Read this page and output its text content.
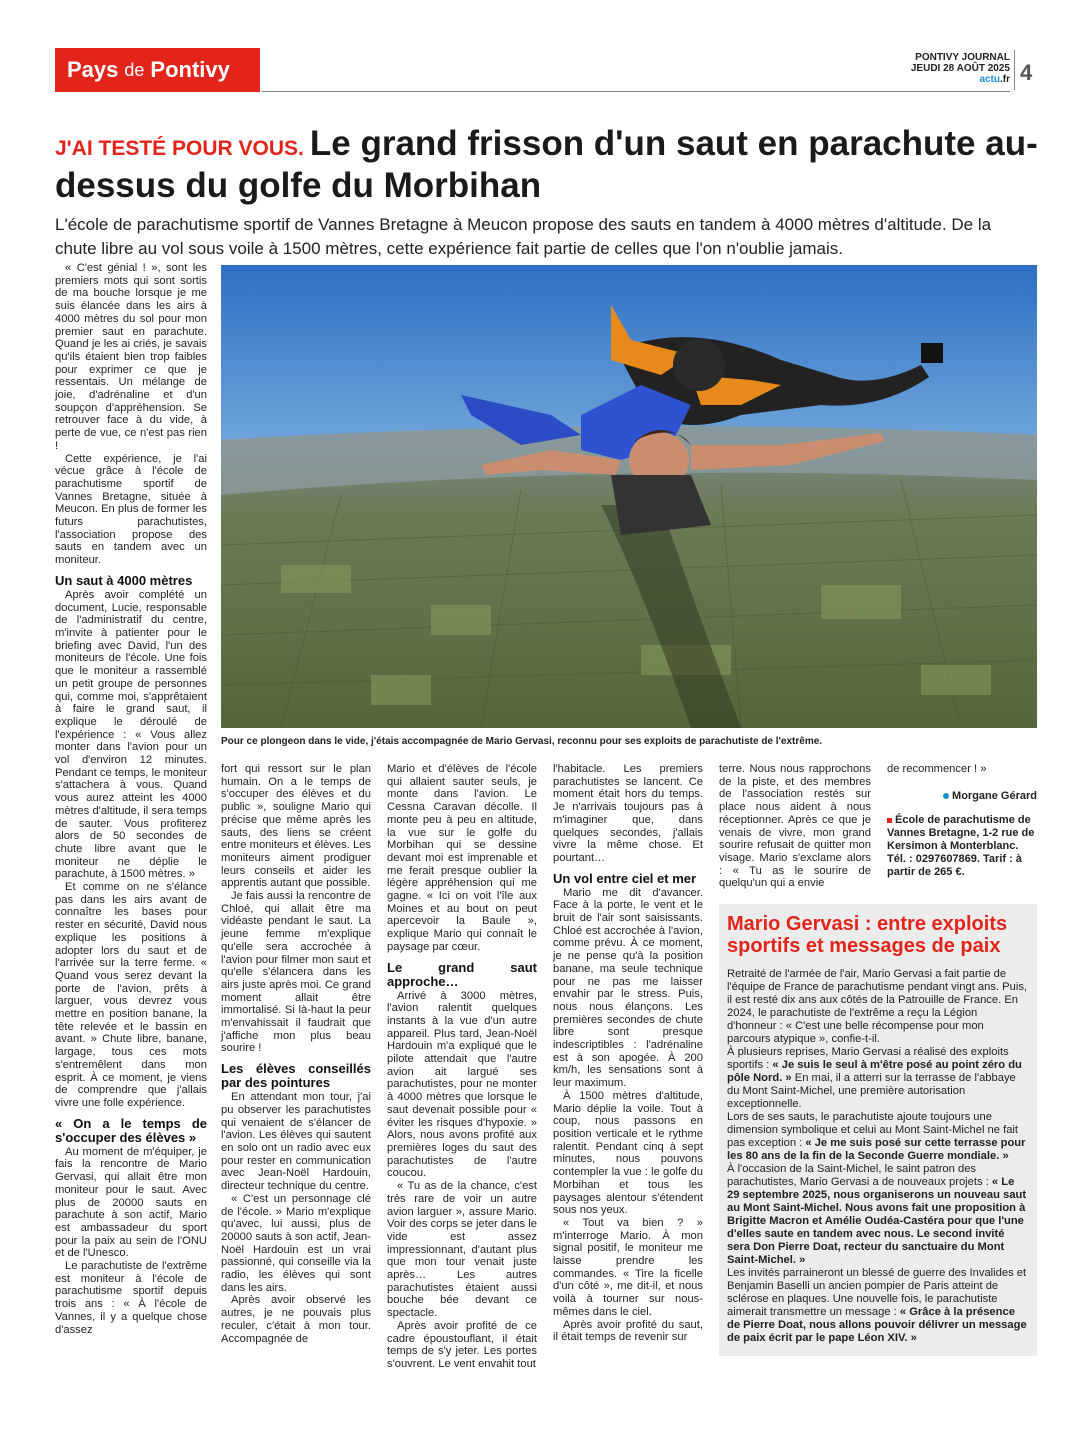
Pays de Pontivy	PONTIVY JOURNAL
JEUDI 28 AOÛT 2025
actu.fr 4
J'AI TESTÉ POUR VOUS. Le grand frisson d'un saut en parachute au-dessus du golfe du Morbihan
L'école de parachutisme sportif de Vannes Bretagne à Meucon propose des sauts en tandem à 4000 mètres d'altitude. De la chute libre au vol sous voile à 1500 mètres, cette expérience fait partie de celles que l'on n'oublie jamais.
Pour ce plongeon dans le vide, j'étais accompagnée de Mario Gervasi, reconnu pour ses exploits de parachutiste de l'extrême.

« C'est génial ! », sont les premiers mots qui sont sortis de ma bouche lorsque je me suis élancée dans les airs à 4000 mètres du sol pour mon premier saut en parachute. Quand je les ai criés, je savais qu'ils étaient bien trop faibles pour exprimer ce que je ressentais. Un mélange de joie, d'adrénaline et d'un soupçon d'appréhension. Se retrouver face à du vide, à perte de vue, ce n'est pas rien !

Cette expérience, je l'ai vécue grâce à l'école de parachutisme sportif de Vannes Bretagne, située à Meucon. En plus de former les futurs parachutistes, l'association propose des sauts en tandem avec un moniteur.

Un saut à 4000 mètres

Après avoir complété un document, Lucie, responsable de l'administratif du centre, m'invite à patienter pour le briefing avec David, l'un des moniteurs de l'école. Une fois que le moniteur a rassemblé un petit groupe de personnes qui, comme moi, s'apprêtaient à faire le grand saut, il explique le déroulé de l'expérience : « Vous allez monter dans l'avion pour un vol d'environ 12 minutes. Pendant ce temps, le moniteur s'attachera à vous. Quand vous aurez atteint les 4000 mètres d'altitude, il sera temps de sauter. Vous profiterez alors de 50 secondes de chute libre avant que le moniteur ne déplie le parachute, à 1500 mètres. »

Et comme on ne s'élance pas dans les airs avant de connaître les bases pour rester en sécurité, David nous explique les positions à adopter lors du saut et de l'arrivée sur la terre ferme. « Quand vous serez devant la porte de l'avion, prêts à larguer, vous devrez vous mettre en position banane, la tête relevée et le bassin en avant. » Chute libre, banane, largage, tous ces mots s'entremêlent dans mon esprit. À ce moment, je viens de comprendre que j'allais vivre une folle expérience.

« On a le temps de s'occuper des élèves »

Au moment de m'équiper, je fais la rencontre de Mario Gervasi, qui allait être mon moniteur pour le saut. Avec plus de 20000 sauts en parachute à son actif, Mario est ambassadeur du sport pour la paix au sein de l'ONU et de l'Unesco.

Le parachutiste de l'extrême est moniteur à l'école de parachutisme sportif depuis trois ans : « À l'école de Vannes, il y a quelque chose d'assez

fort qui ressort sur le plan humain. On a le temps de s'occuper des élèves et du public », souligne Mario qui précise que même après les sauts, des liens se créent entre moniteurs et élèves. Les moniteurs aiment prodiguer leurs conseils et aider les apprentis autant que possible.

Je fais aussi la rencontre de Chloé, qui allait être ma vidéaste pendant le saut. La jeune femme m'explique qu'elle sera accrochée à l'avion pour filmer mon saut et qu'elle s'élancera dans les airs juste après moi. Ce grand moment allait être immortalisé. Si là-haut la peur m'envahissait il faudrait que j'affiche mon plus beau sourire !

Les élèves conseillés par des pointures

En attendant mon tour, j'ai pu observer les parachutistes qui venaient de s'élancer de l'avion. Les élèves qui sautent en solo ont un radio avec eux pour rester en communication avec Jean-Noël Hardouin, directeur technique du centre.

« C'est un personnage clé de l'école. » Mario m'explique qu'avec, lui aussi, plus de 20000 sauts à son actif, Jean-Noël Hardouin est un vrai passionné, qui conseille via la radio, les élèves qui sont dans les airs.

Après avoir observé les autres, je ne pouvais plus reculer, c'était à mon tour. Accompagnée de

Mario et d'élèves de l'école qui allaient sauter seuls, je monte dans l'avion. Le Cessna Caravan décolle. Il monte peu à peu en altitude, la vue sur le golfe du Morbihan qui se dessine devant moi est imprenable et me ferait presque oublier la légère appréhension qui me gagne. « Ici on voit l'île aux Moines et au bout on peut apercevoir la Baule », explique Mario qui connaît le paysage par cœur.

Le grand saut approche…

Arrivé à 3000 mètres, l'avion ralentit quelques instants à la vue d'un autre appareil. Plus tard, Jean-Noël Hardouin m'a expliqué que le pilote attendait que l'autre avion ait largué ses parachutistes, pour ne monter à 4000 mètres que lorsque le saut devenait possible pour « éviter les risques d'hypoxie. » Alors, nous avons profité aux premières loges du saut des parachutistes de l'autre coucou.

« Tu as de la chance, c'est très rare de voir un autre avion larguer », assure Mario. Voir des corps se jeter dans le vide est assez impressionnant, d'autant plus que mon tour venait juste après… Les autres parachutistes étaient aussi bouche bée devant ce spectacle.

Après avoir profité de ce cadre époustouflant, il était temps de s'y jeter. Les portes s'ouvrent. Le vent envahit tout

l'habitacle. Les premiers parachutistes se lancent. Ce moment était hors du temps. Je n'arrivais toujours pas à m'imaginer que, dans quelques secondes, j'allais vivre la même chose. Et pourtant…

Un vol entre ciel et mer

Mario me dit d'avancer. Face à la porte, le vent et le bruit de l'air sont saisissants. Chloé est accrochée à l'avion, comme prévu. À ce moment, je ne pense qu'à la position banane, ma seule technique pour ne pas me laisser envahir par le stress. Puis, nous nous élançons. Les premières secondes de chute libre sont presque indescriptibles : l'adrénaline est à son apogée. À 200 km/h, les sensations sont à leur maximum.

À 1500 mètres d'altitude, Mario déplie la voile. Tout à coup, nous passons en position verticale et le rythme ralentit. Pendant cinq à sept minutes, nous pouvons contempler la vue : le golfe du Morbihan et tous les paysages alentour s'étendent sous nos yeux.

« Tout va bien ? » m'interroge Mario. À mon signal positif, le moniteur me laisse prendre les commandes. « Tire la ficelle d'un côté », me dit-il, et nous voilà à tourner sur nous-mêmes dans le ciel.

Après avoir profité du saut, il était temps de revenir sur

terre. Nous nous rapprochons de la piste, et des membres de l'association restés sur place nous aident à nous réceptionner. Après ce que je venais de vivre, mon grand sourire refusait de quitter mon visage. Mario s'exclame alors : « Tu as le sourire de quelqu'un qui a envie

de recommencer ! »

Morgane Gérard

École de parachutisme de Vannes Bretagne, 1-2 rue de Kersimon à Monterblanc. Tél. : 0297607869. Tarif : à partir de 265 €.

Mario Gervasi : entre exploits sportifs et messages de paix

Retraité de l'armée de l'air, Mario Gervasi a fait partie de l'équipe de France de parachutisme pendant vingt ans. Puis, il est resté dix ans aux côtés de la Patrouille de France. En 2024, le parachutiste de l'extrême a reçu la Légion d'honneur : « C'est une belle récompense pour mon parcours atypique », confie-t-il.

À plusieurs reprises, Mario Gervasi a réalisé des exploits sportifs : « Je suis le seul à m'être posé au point zéro du pôle Nord. » En mai, il a atterri sur la terrasse de l'abbaye du Mont Saint-Michel, une première autorisation exceptionnelle.

Lors de ses sauts, le parachutiste ajoute toujours une dimension symbolique et celui au Mont Saint-Michel ne fait pas exception : « Je me suis posé sur cette terrasse pour les 80 ans de la fin de la Seconde Guerre mondiale. »

À l'occasion de la Saint-Michel, le saint patron des parachutistes, Mario Gervasi a de nouveaux projets : « Le 29 septembre 2025, nous organiserons un nouveau saut au Mont Saint-Michel. Nous avons fait une proposition à Brigitte Macron et Amélie Oudéa-Castéra pour que l'une d'elles saute en tandem avec nous. Le second invité sera Don Pierre Doat, recteur du sanctuaire du Mont Saint-Michel. »

Les invités parraineront un blessé de guerre des Invalides et Benjamin Baselli un ancien pompier de Paris atteint de sclérose en plaques. Une nouvelle fois, le parachutiste aimerait transmettre un message : « Grâce à la présence de Pierre Doat, nous allons pouvoir délivrer un message de paix écrit par le pape Léon XIV. »
